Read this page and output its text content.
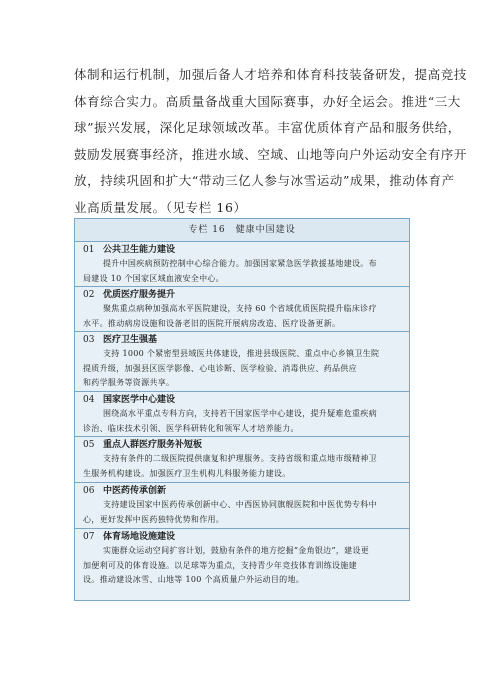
体制和运行机制，加强后备人才培养和体育科技装备研发，提高竞技
体育综合实力。高质量备战重大国际赛事，办好全运会。推进“三大
球”振兴发展，深化足球领域改革。丰富优质体育产品和服务供给，
鼓励发展赛事经济，推进水域、空域、山地等向户外运动安全有序开
放，持续巩固和扩大“带动三亿人参与冰雪运动”成果，推动体育产
业高质量发展。（见专栏 16）

专栏 16　健康中国建设
01 公共卫生能力建设
提升中国疾病预防控制中心综合能力。加强国家紧急医学救援基地建设。布
局建设 10 个国家区域血液安全中心。
02 优质医疗服务提升
聚焦重点病种加强高水平医院建设，支持 60 个省域优质医院提升临床诊疗
水平。推动病房设施和设备老旧的医院开展病房改造、医疗设备更新。
03 医疗卫生强基
支持 1000 个紧密型县域医共体建设，推进县级医院、重点中心乡镇卫生院
提质升级，加强县区医学影像、心电诊断、医学检验、消毒供应、药品供应
和药学服务等资源共享。
04 国家医学中心建设
围绕高水平重点专科方向，支持若干国家医学中心建设，提升疑难危重疾病
诊治、临床技术引领、医学科研转化和领军人才培养能力。
05 重点人群医疗服务补短板
支持有条件的二级医院提供康复和护理服务。支持省级和重点地市级精神卫
生服务机构建设。加强医疗卫生机构儿科服务能力建设。
06 中医药传承创新
支持建设国家中医药传承创新中心、中西医协同旗舰医院和中医优势专科中
心，更好发挥中医药独特优势和作用。
07 体育场地设施建设
实施群众运动空间扩容计划，鼓励有条件的地方挖掘“金角银边”，建设更
加便利可及的体育设施。以足球等为重点，支持青少年竞技体育训练设施建
设。推动建设冰雪、山地等 100 个高质量户外运动目的地。
